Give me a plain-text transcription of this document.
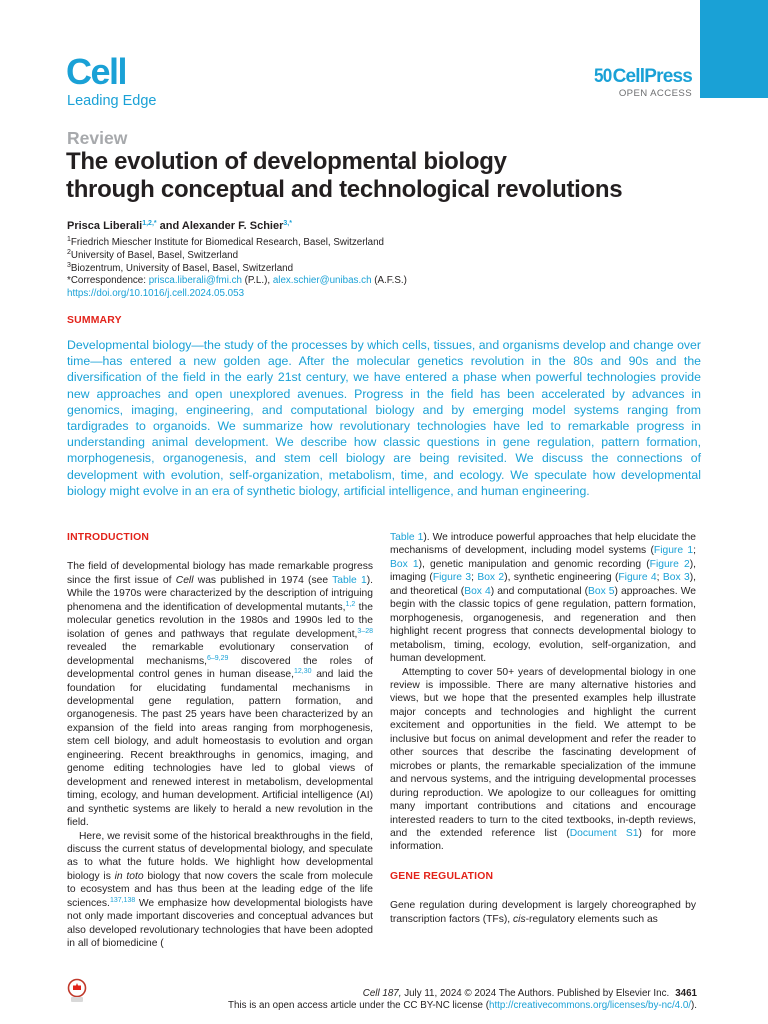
Cell
Leading Edge
50CellPress
OPEN ACCESS
Review
The evolution of developmental biology
through conceptual and technological revolutions
Prisca Liberali$^{1,2,*}$ and Alexander F. Schier$^{3,*}$
$^1$Friedrich Miescher Institute for Biomedical Research, Basel, Switzerland
$^2$University of Basel, Basel, Switzerland
$^3$Biozentrum, University of Basel, Basel, Switzerland
*Correspondence: prisca.liberali@fmi.ch (P.L.), alex.schier@unibas.ch (A.F.S.)
https://doi.org/10.1016/j.cell.2024.05.053
SUMMARY

Developmental biology—the study of the processes by which cells, tissues, and organisms develop and change over time—has entered a new golden age. After the molecular genetics revolution in the 80s and 90s and the diversification of the field in the early 21st century, we have entered a phase when powerful technologies provide new approaches and open unexplored avenues. Progress in the field has been accelerated by advances in genomics, imaging, engineering, and computational biology and by emerging model systems ranging from tardigrades to organoids. We summarize how revolutionary technologies have led to remarkable progress in understanding animal development. We describe how classic questions in gene regulation, pattern formation, morphogenesis, organogenesis, and stem cell biology are being revisited. We discuss the connections of development with evolution, self-organization, metabolism, time, and ecology. We speculate how developmental biology might evolve in an era of synthetic biology, artificial intelligence, and human engineering.

INTRODUCTION

The field of developmental biology has made remarkable progress since the first issue of Cell was published in 1974 (see Table 1). While the 1970s were characterized by the description of intriguing phenomena and the identification of developmental mutants,$^{1,2}$ the molecular genetics revolution in the 1980s and 1990s led to the isolation of genes and pathways that regulate development,$^{3-28}$ revealed the remarkable evolutionary conservation of developmental mechanisms,$^{6-9,29}$ discovered the roles of developmental control genes in human disease,$^{12,30}$ and laid the foundation for elucidating fundamental mechanisms in developmental gene regulation, pattern formation, and organogenesis. The past 25 years have been characterized by an expansion of the field into areas ranging from morphogenesis, stem cell biology, and adult homeostasis to evolution and organ engineering. Recent breakthroughs in genomics, imaging, and genome editing technologies have led to global views of development and renewed interest in metabolism, developmental timing, ecology, and human development. Artificial intelligence (AI) and synthetic systems are likely to herald a new revolution in the field.

Here, we revisit some of the historical breakthroughs in the field, discuss the current status of developmental biology, and speculate as to what the future holds. We highlight how developmental biology is in toto biology that now covers the scale from molecule to ecosystem and has thus been at the leading edge of the life sciences.$^{137,138}$ We emphasize how developmental biologists have not only made important discoveries and conceptual advances but also developed revolutionary technologies that have been adopted in all of biomedicine (

Table 1). We introduce powerful approaches that help elucidate the mechanisms of development, including model systems (Figure 1; Box 1), genetic manipulation and genomic recording (Figure 2), imaging (Figure 3; Box 2), synthetic engineering (Figure 4; Box 3), and theoretical (Box 4) and computational (Box 5) approaches. We begin with the classic topics of gene regulation, pattern formation, morphogenesis, organogenesis, and regeneration and then highlight recent progress that connects developmental biology to metabolism, timing, ecology, evolution, self-organization, and human development.

Attempting to cover 50+ years of developmental biology in one review is impossible. There are many alternative histories and views, but we hope that the presented examples help illustrate major concepts and technologies and highlight the current excitement and opportunities in the field. We attempt to be inclusive but focus on animal development and refer the reader to other sources that describe the fascinating development of microbes or plants, the remarkable specialization of the immune and nervous systems, and the intriguing developmental processes during reproduction. We apologize to our colleagues for omitting many important contributions and citations and encourage interested readers to turn to the cited textbooks, in-depth reviews, and the extended reference list (Document S1) for more information.

GENE REGULATION

Gene regulation during development is largely choreographed by transcription factors (TFs), cis-regulatory elements such as

Cell 187, July 11, 2024 © 2024 The Authors. Published by Elsevier Inc. 3461
This is an open access article under the CC BY-NC license (http://creativecommons.org/licenses/by-nc/4.0/).
